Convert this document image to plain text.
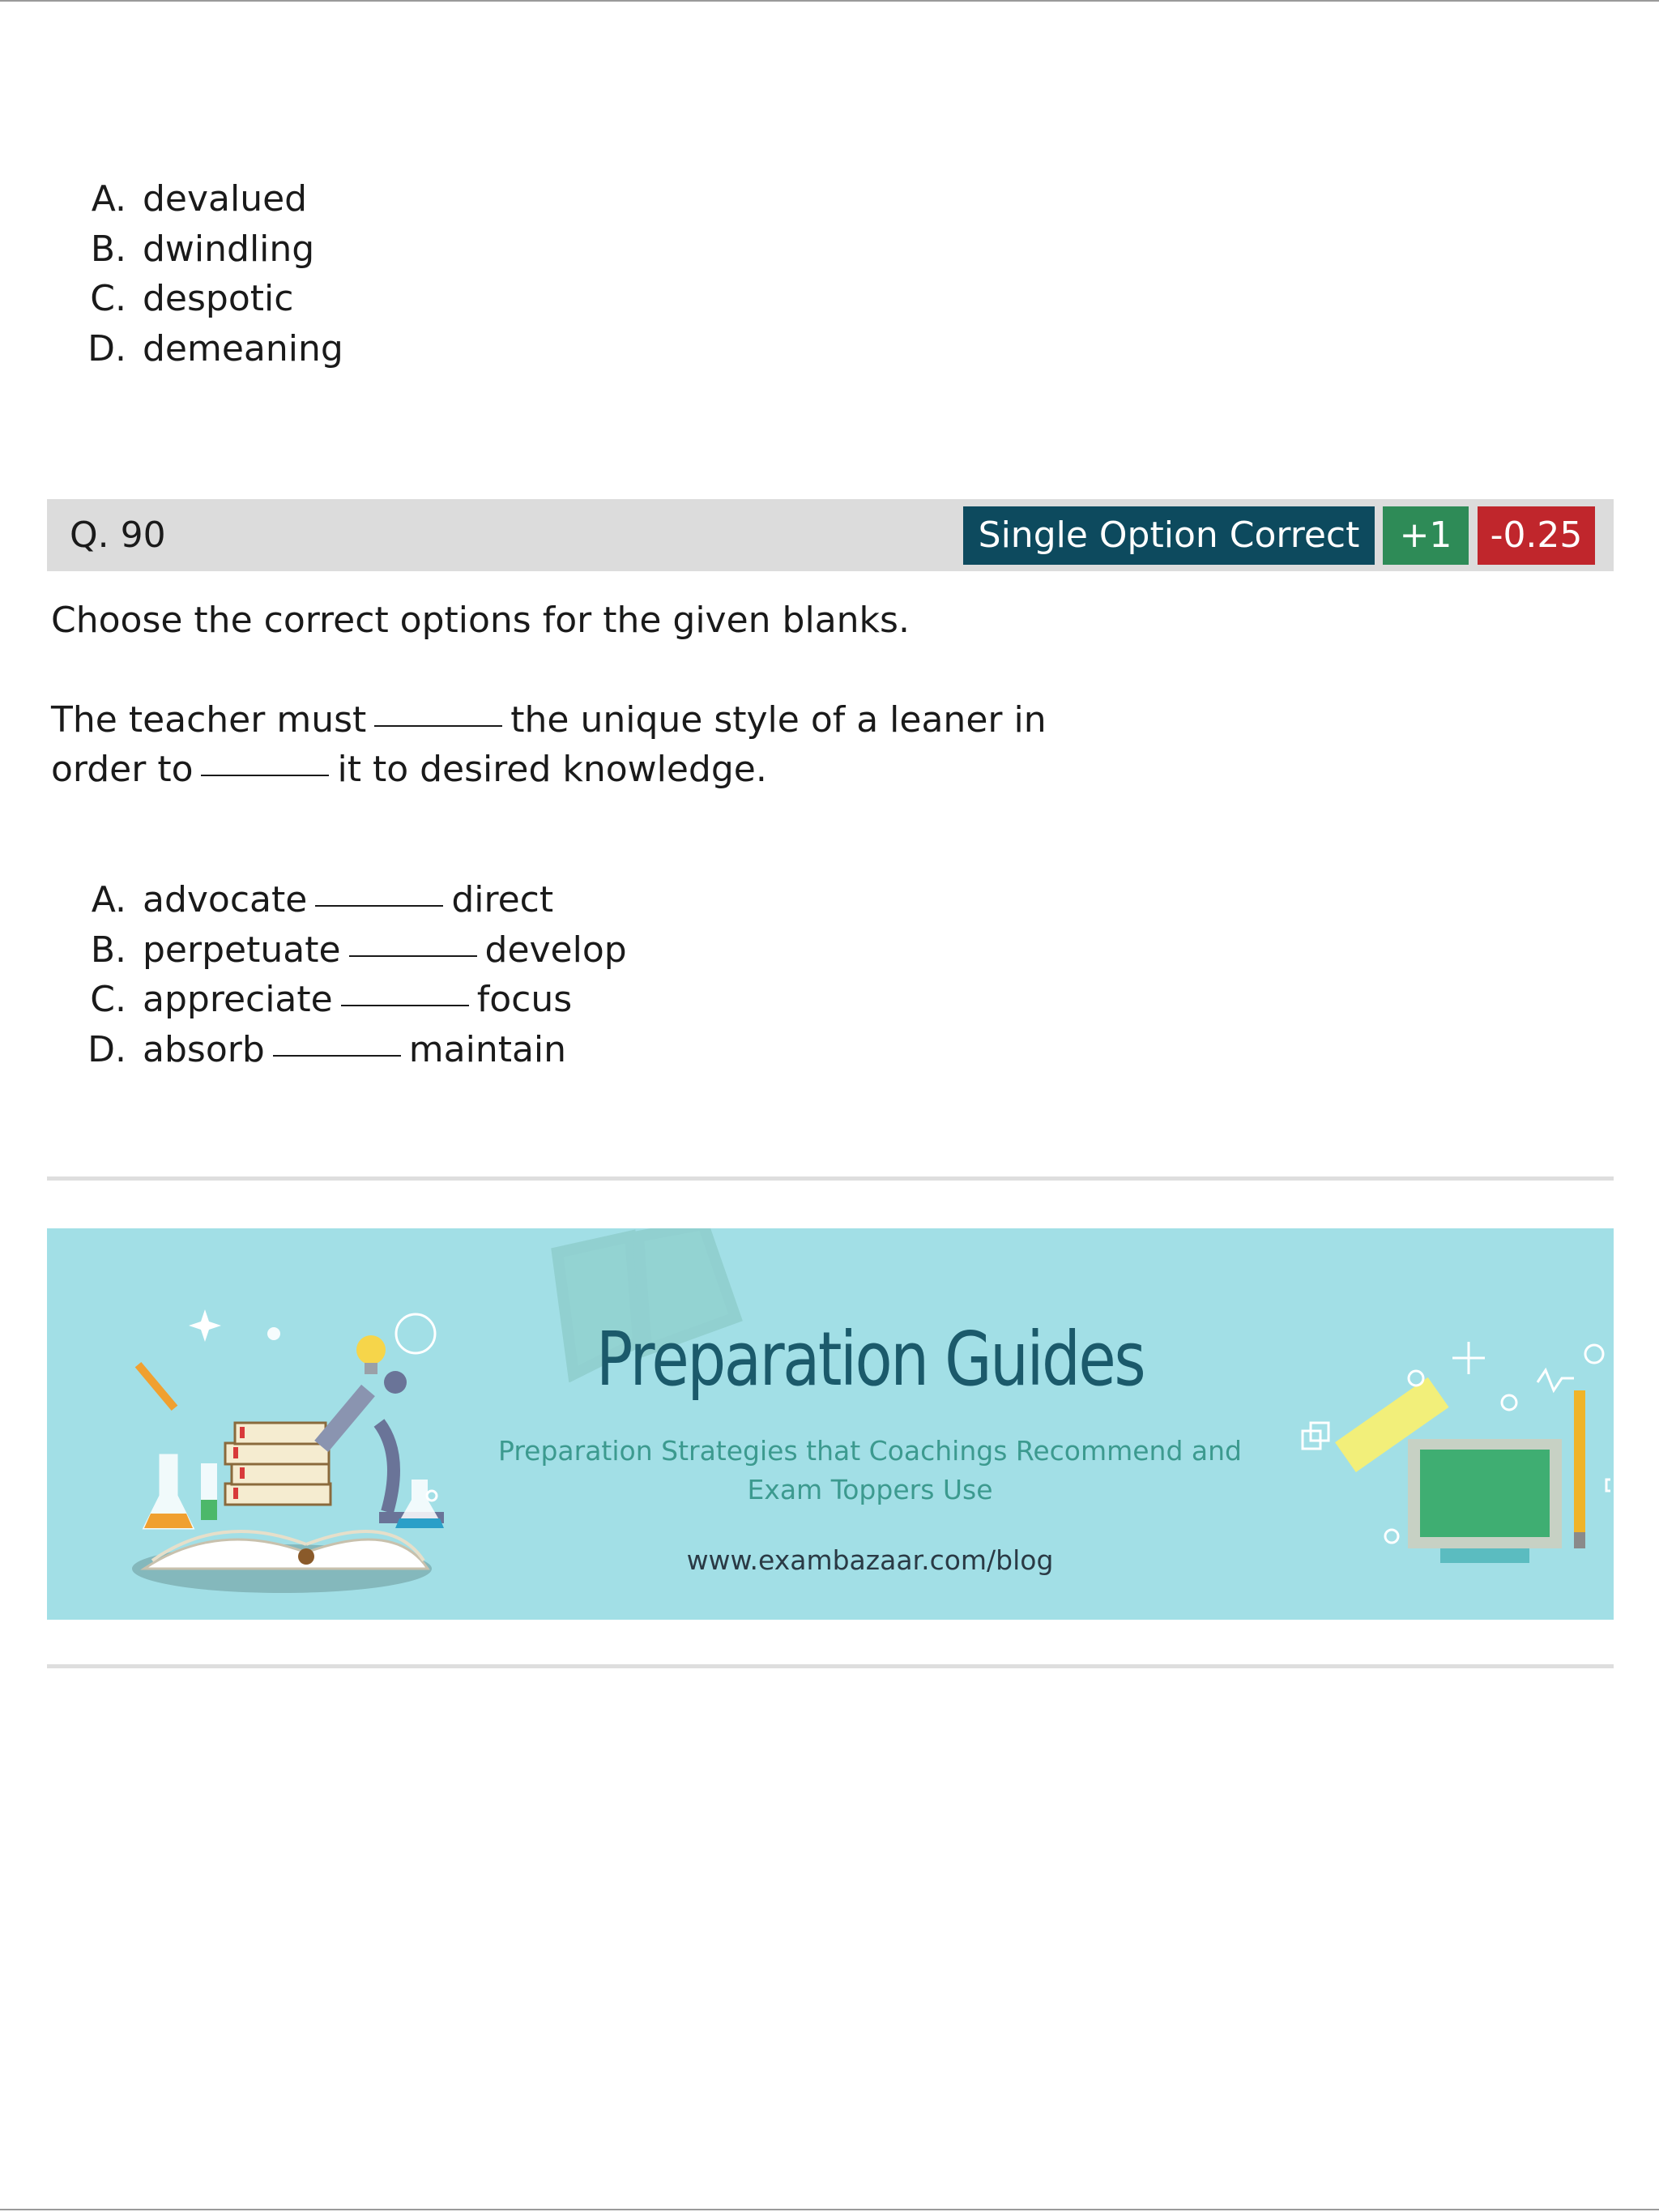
A. devalued
B. dwindling
C. despotic
D. demeaning
Q. 90	Single Option Correct	+1	-0.25
Choose the correct options for the given blanks.
The teacher must	the unique style of a leaner in
order to	it to desired knowledge.
A. advocate	direct
B. perpetuate	develop
C. appreciate	focus
D. absorb	maintain
Preparation Guides
Preparation Strategies that Coachings Recommend and
Exam Toppers Use
www.exambazaar.com/blog
